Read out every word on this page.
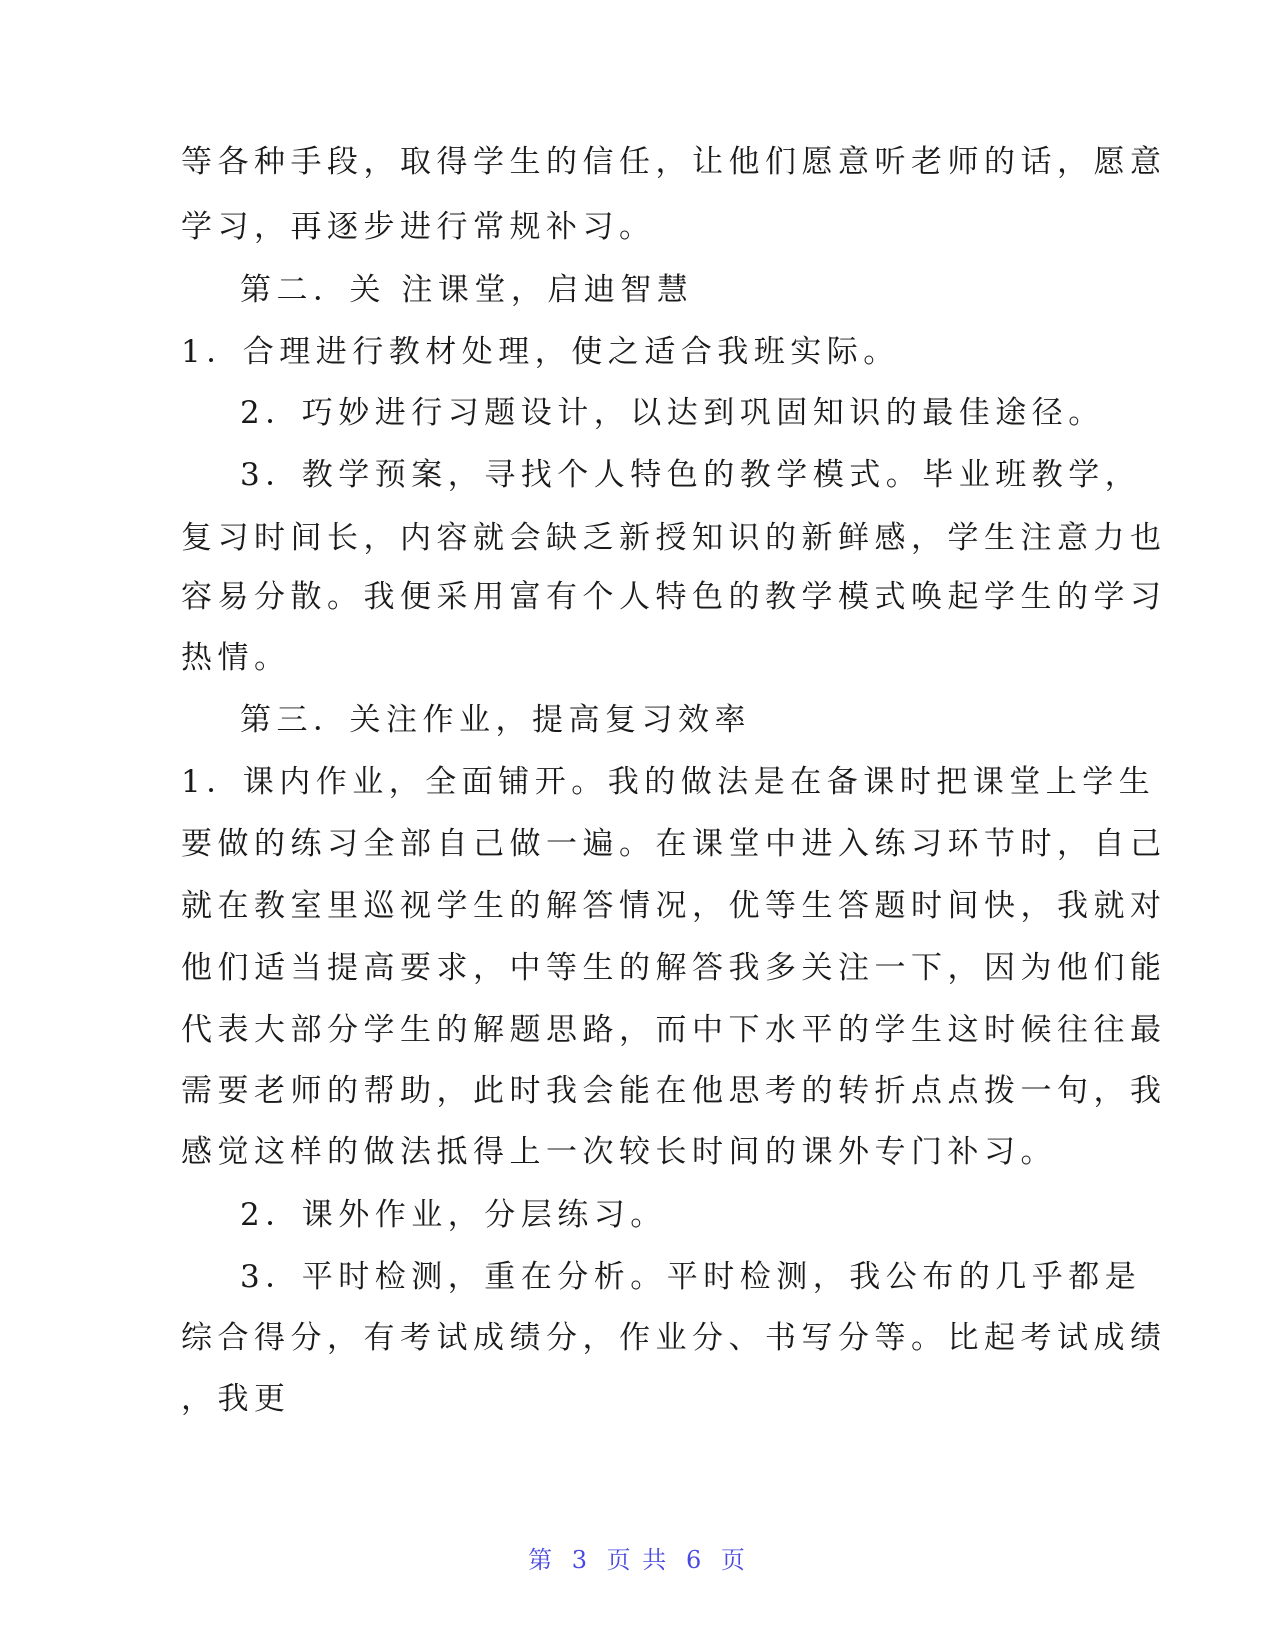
等各种手段，取得学生的信任，让他们愿意听老师的话，愿意
学习，再逐步进行常规补习。
第二．关 注课堂，启迪智慧
1．合理进行教材处理，使之适合我班实际。
2．巧妙进行习题设计，以达到巩固知识的最佳途径。
3．教学预案，寻找个人特色的教学模式。毕业班教学，
复习时间长，内容就会缺乏新授知识的新鲜感，学生注意力也
容易分散。我便采用富有个人特色的教学模式唤起学生的学习
热情。
第三．关注作业，提高复习效率
1．课内作业，全面铺开。我的做法是在备课时把课堂上学生
要做的练习全部自己做一遍。在课堂中进入练习环节时，自己
就在教室里巡视学生的解答情况，优等生答题时间快，我就对
他们适当提高要求，中等生的解答我多关注一下，因为他们能
代表大部分学生的解题思路，而中下水平的学生这时候往往最
需要老师的帮助，此时我会能在他思考的转折点点拨一句，我
感觉这样的做法抵得上一次较长时间的课外专门补习。
2．课外作业，分层练习。
3．平时检测，重在分析。平时检测，我公布的几乎都是
综合得分，有考试成绩分，作业分、书写分等。比起考试成绩
，我更
第 3 页 共 6 页
